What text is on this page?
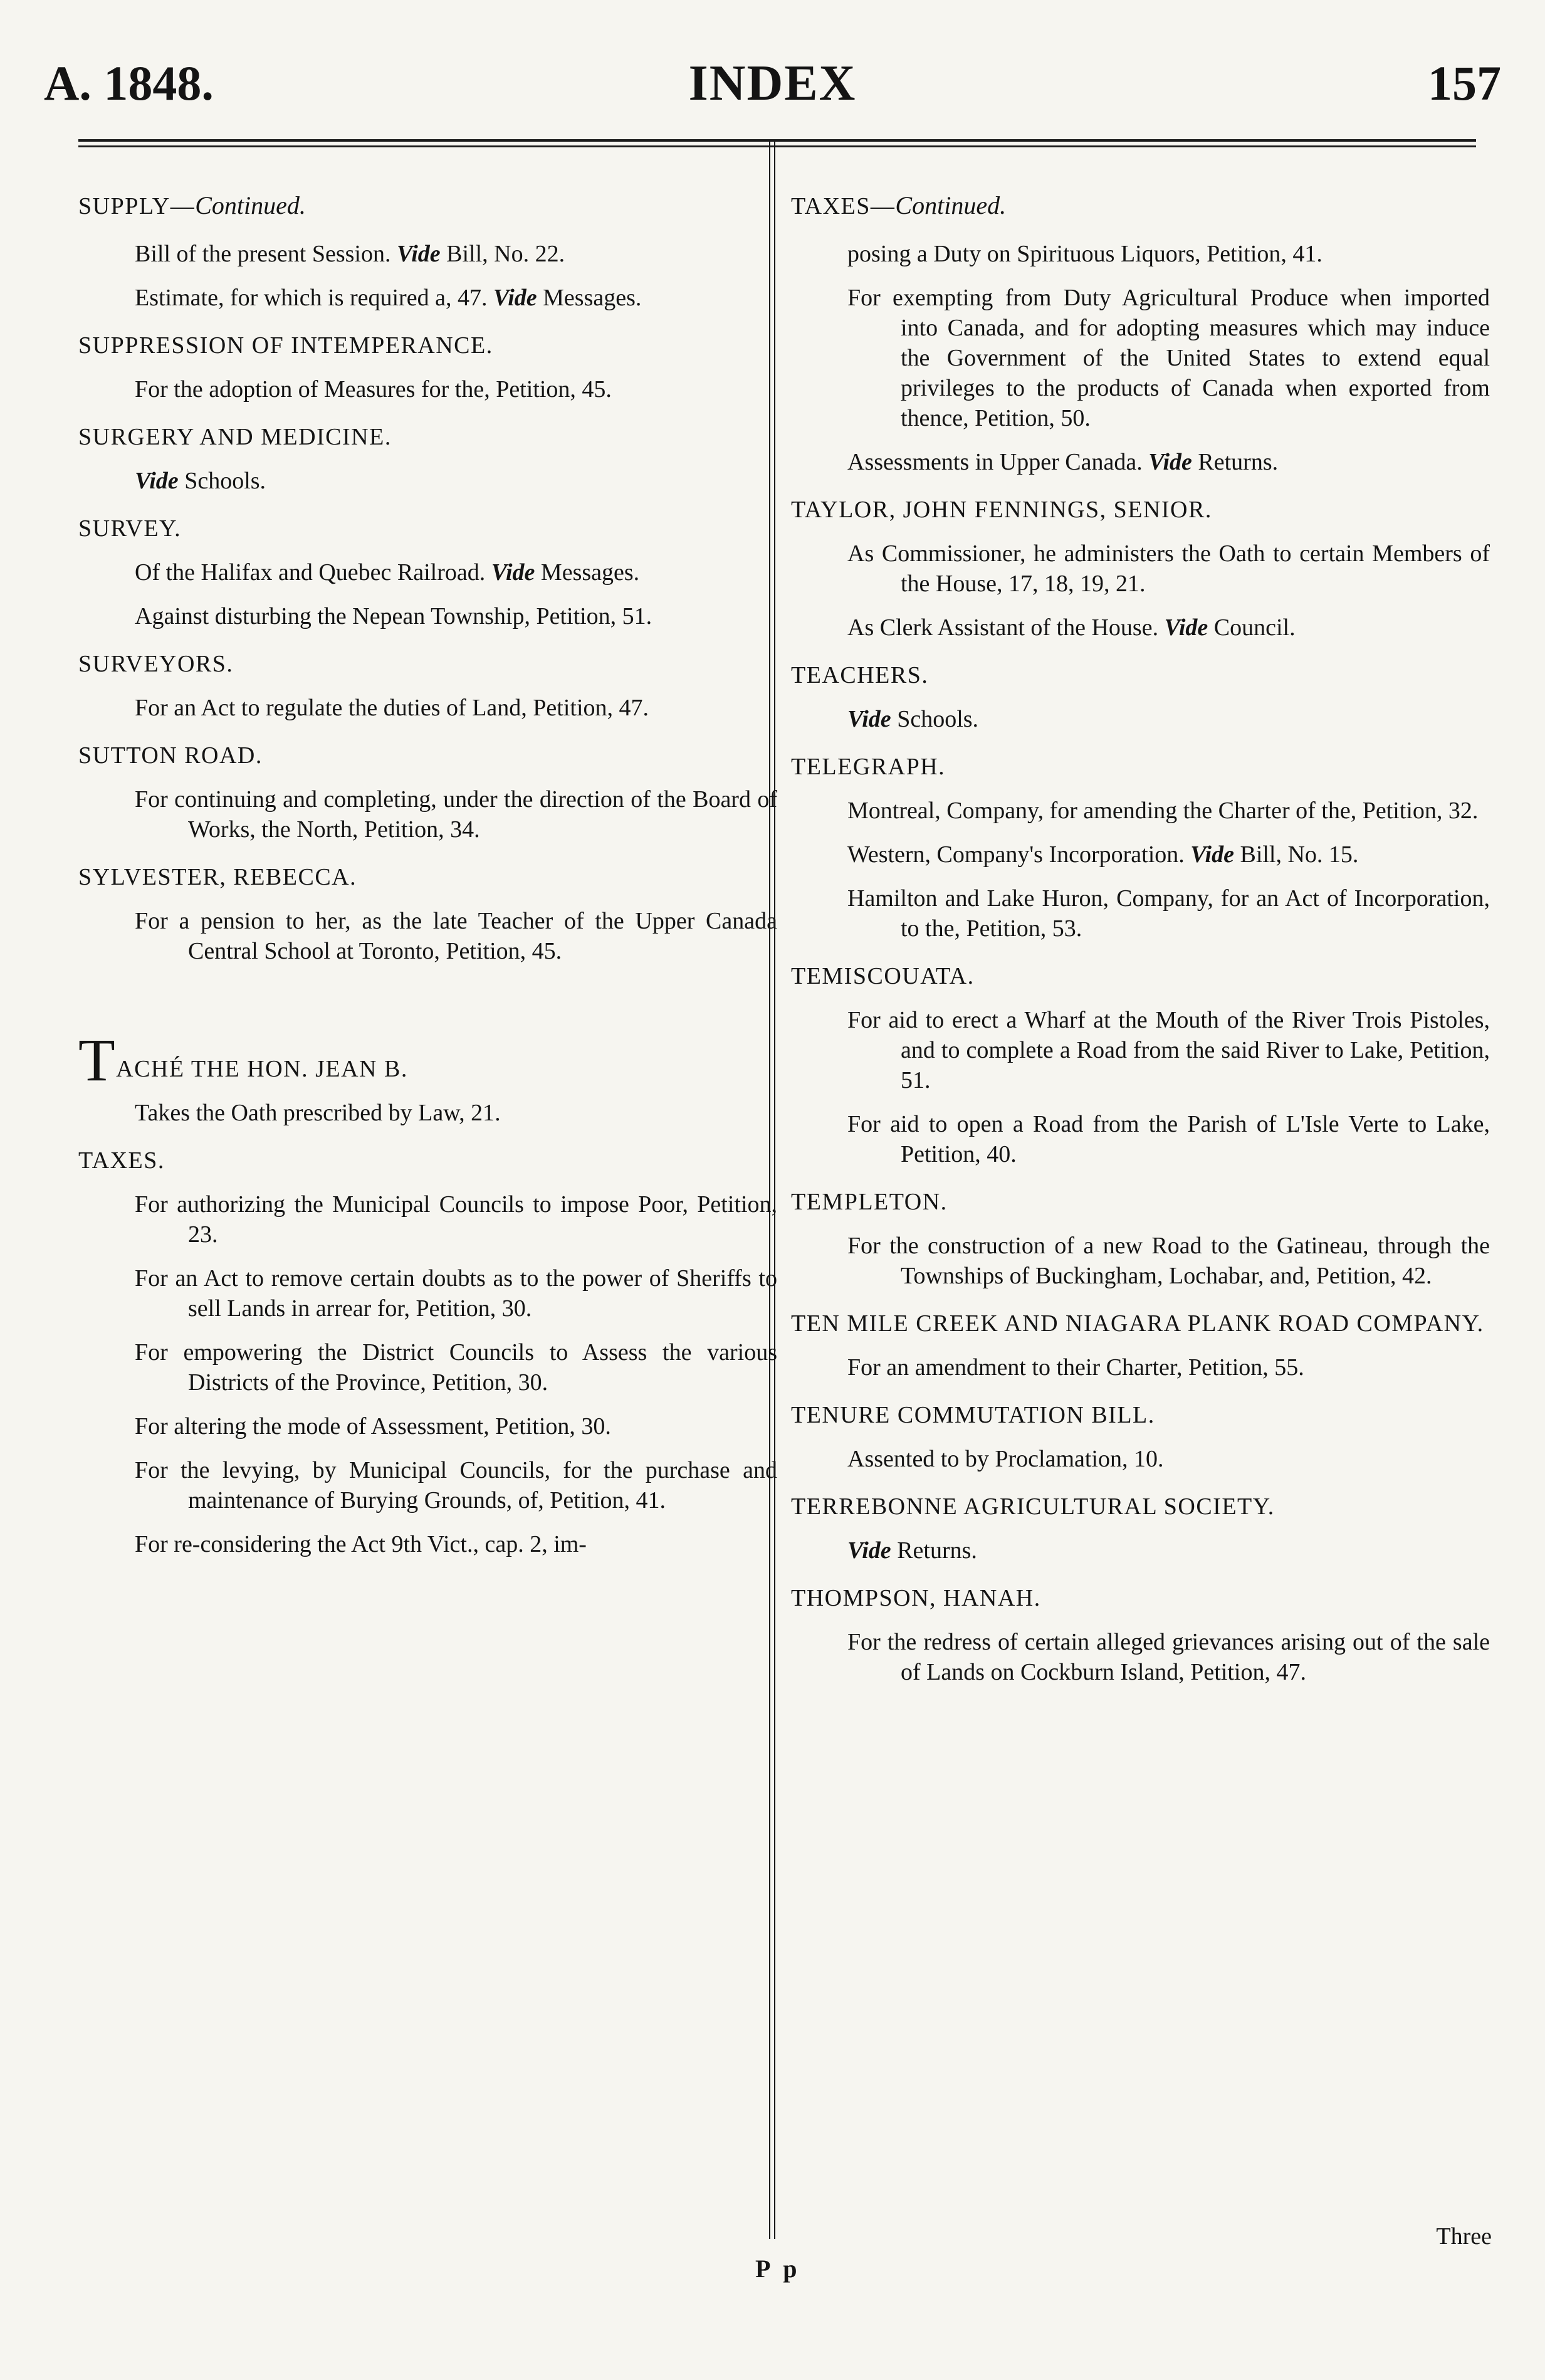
A. 1848.	INDEX	157
SUPPLY—Continued.
Bill of the present Session. Vide Bill, No. 22.
Estimate, for which is required a, 47. Vide Messages.
SUPPRESSION OF INTEMPERANCE.
For the adoption of Measures for the, Petition, 45.
SURGERY AND MEDICINE.
Vide Schools.
SURVEY.
Of the Halifax and Quebec Railroad. Vide Messages.
Against disturbing the Nepean Township, Petition, 51.
SURVEYORS.
For an Act to regulate the duties of Land, Petition, 47.
SUTTON ROAD.
For continuing and completing, under the direction of the Board of Works, the North, Petition, 34.
SYLVESTER, REBECCA.
For a pension to her, as the late Teacher of the Upper Canada Central School at Toronto, Petition, 45.
TACHÉ THE HON. JEAN B.
Takes the Oath prescribed by Law, 21.
TAXES.
For authorizing the Municipal Councils to impose Poor, Petition, 23.
For an Act to remove certain doubts as to the power of Sheriffs to sell Lands in arrear for, Petition, 30.
For empowering the District Councils to Assess the various Districts of the Province, Petition, 30.
For altering the mode of Assessment, Petition, 30.
For the levying, by Municipal Councils, for the purchase and maintenance of Burying Grounds, of, Petition, 41.
For re-considering the Act 9th Vict., cap. 2, im-
TAXES—Continued.
posing a Duty on Spirituous Liquors, Petition, 41.
For exempting from Duty Agricultural Produce when imported into Canada, and for adopting measures which may induce the Government of the United States to extend equal privileges to the products of Canada when exported from thence, Petition, 50.
Assessments in Upper Canada. Vide Returns.
TAYLOR, JOHN FENNINGS, SENIOR.
As Commissioner, he administers the Oath to certain Members of the House, 17, 18, 19, 21.
As Clerk Assistant of the House. Vide Council.
TEACHERS.
Vide Schools.
TELEGRAPH.
Montreal, Company, for amending the Charter of the, Petition, 32.
Western, Company's Incorporation. Vide Bill, No. 15.
Hamilton and Lake Huron, Company, for an Act of Incorporation, to the, Petition, 53.
TEMISCOUATA.
For aid to erect a Wharf at the Mouth of the River Trois Pistoles, and to complete a Road from the said River to Lake, Petition, 51.
For aid to open a Road from the Parish of L'Isle Verte to Lake, Petition, 40.
TEMPLETON.
For the construction of a new Road to the Gatineau, through the Townships of Buckingham, Lochabar, and, Petition, 42.
TEN MILE CREEK AND NIAGARA PLANK ROAD COMPANY.
For an amendment to their Charter, Petition, 55.
TENURE COMMUTATION BILL.
Assented to by Proclamation, 10.
TERREBONNE AGRICULTURAL SOCIETY.
Vide Returns.
THOMPSON, HANAH.
For the redress of certain alleged grievances arising out of the sale of Lands on Cockburn Island, Petition, 47.
Three
P p
